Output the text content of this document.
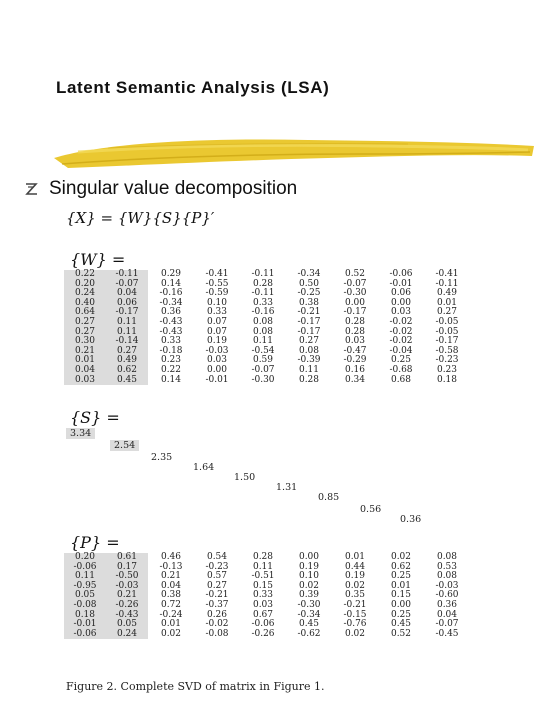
Latent Semantic Analysis (LSA)
Singular value decomposition
{X} = {W}{S}{P}′
{W} =
0.22	-0.11	0.29	-0.41	-0.11	-0.34	0.52	-0.06	-0.41
0.20	-0.07	0.14	-0.55	0.28	0.50	-0.07	-0.01	-0.11
0.24	0.04	-0.16	-0.59	-0.11	-0.25	-0.30	0.06	0.49
0.40	0.06	-0.34	0.10	0.33	0.38	0.00	0.00	0.01
0.64	-0.17	0.36	0.33	-0.16	-0.21	-0.17	0.03	0.27
0.27	0.11	-0.43	0.07	0.08	-0.17	0.28	-0.02	-0.05
0.27	0.11	-0.43	0.07	0.08	-0.17	0.28	-0.02	-0.05
0.30	-0.14	0.33	0.19	0.11	0.27	0.03	-0.02	-0.17
0.21	0.27	-0.18	-0.03	-0.54	0.08	-0.47	-0.04	-0.58
0.01	0.49	0.23	0.03	0.59	-0.39	-0.29	0.25	-0.23
0.04	0.62	0.22	0.00	-0.07	0.11	0.16	-0.68	0.23
0.03	0.45	0.14	-0.01	-0.30	0.28	0.34	0.68	0.18
{S} =
3.34
2.54
2.35
1.64
1.50
1.31
0.85
0.56
0.36
{P} =
0.20	0.61	0.46	0.54	0.28	0.00	0.01	0.02	0.08
-0.06	0.17	-0.13	-0.23	0.11	0.19	0.44	0.62	0.53
0.11	-0.50	0.21	0.57	-0.51	0.10	0.19	0.25	0.08
-0.95	-0.03	0.04	0.27	0.15	0.02	0.02	0.01	-0.03
0.05	0.21	0.38	-0.21	0.33	0.39	0.35	0.15	-0.60
-0.08	-0.26	0.72	-0.37	0.03	-0.30	-0.21	0.00	0.36
0.18	-0.43	-0.24	0.26	0.67	-0.34	-0.15	0.25	0.04
-0.01	0.05	0.01	-0.02	-0.06	0.45	-0.76	0.45	-0.07
-0.06	0.24	0.02	-0.08	-0.26	-0.62	0.02	0.52	-0.45
Figure 2. Complete SVD of matrix in Figure 1.
